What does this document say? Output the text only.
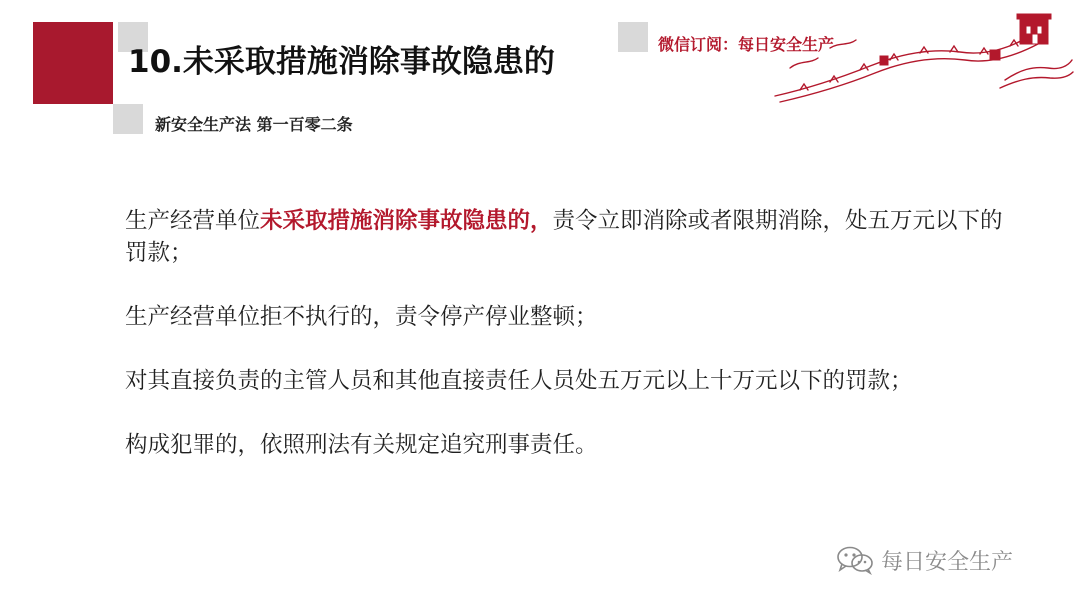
10.未采取措施消除事故隐患的
新安全生产法 第一百零二条
微信订阅：每日安全生产

生产经营单位未采取措施消除事故隐患的，责令立即消除或者限期消除，处五万元以下的罚款；

生产经营单位拒不执行的，责令停产停业整顿；

对其直接负责的主管人员和其他直接责任人员处五万元以上十万元以下的罚款；

构成犯罪的，依照刑法有关规定追究刑事责任。

每日安全生产
